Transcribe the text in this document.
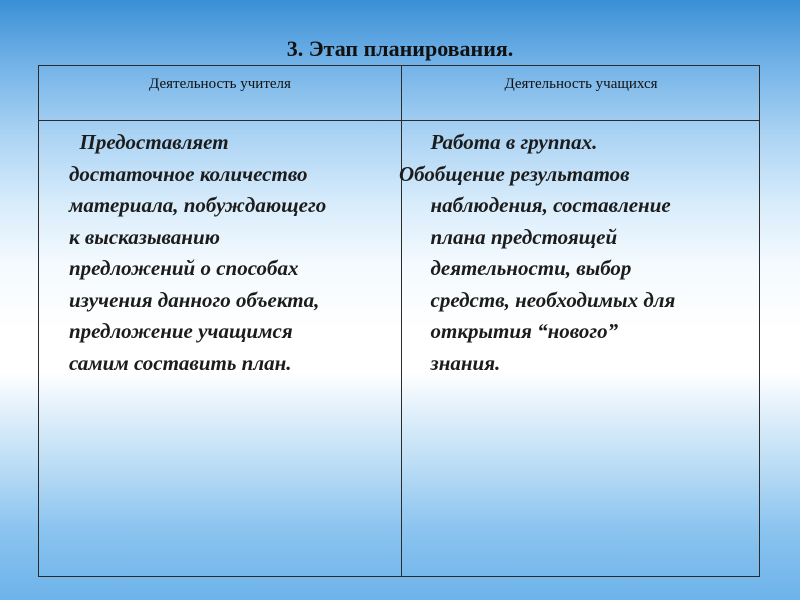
3. Этап планирования.
Деятельность учителя	Деятельность учащихся
Предоставляет
достаточное количество
материала, побуждающего
к высказыванию
предложений о способах
изучения данного объекта,
предложение учащимся
самим составить план.
Работа в группах.
Обобщение результатов
наблюдения, составление
плана предстоящей
деятельности, выбор
средств, необходимых для
открытия “нового”
знания.
